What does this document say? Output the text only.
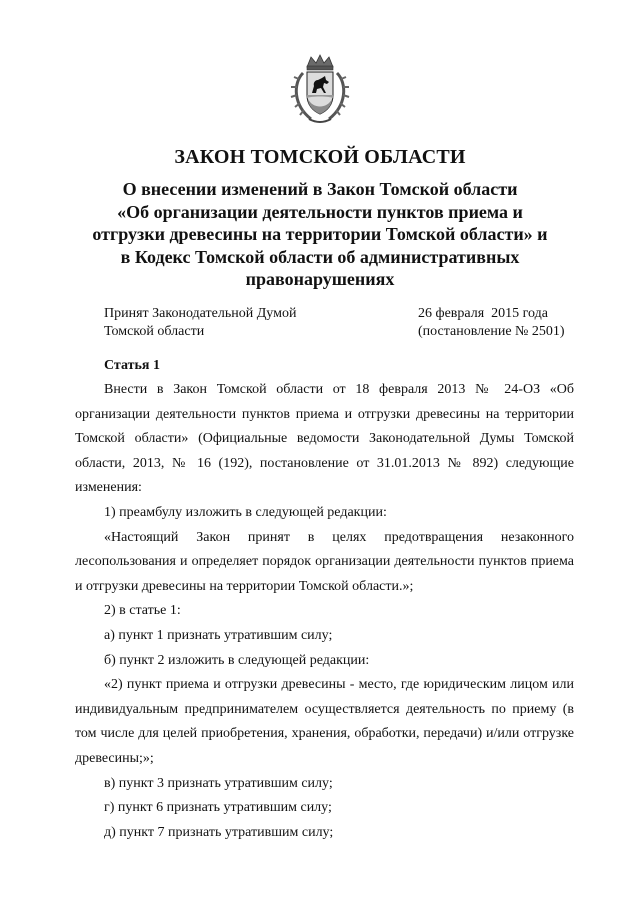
ЗАКОН ТОМСКОЙ ОБЛАСТИ
О внесении изменений в Закон Томской области
«Об организации деятельности пунктов приема и
отгрузки древесины на территории Томской области» и
в Кодекс Томской области об административных
правонарушениях
Принят Законодательной Думой
Томской области
26 февраля  2015 года
(постановление № 2501)
Статья 1

Внести в Закон Томской области от 18 февраля 2013 № 24-ОЗ «Об организации деятельности пунктов приема и отгрузки древесины на территории Томской области» (Официальные ведомости Законодательной Думы Томской области, 2013, № 16 (192), постановление от 31.01.2013 № 892) следующие изменения:

1) преамбулу изложить в следующей редакции:

«Настоящий Закон принят в целях предотвращения незаконного лесопользования и определяет порядок организации деятельности пунктов приема и отгрузки древесины на территории Томской области.»;

2) в статье 1:

а) пункт 1 признать утратившим силу;

б) пункт 2 изложить в следующей редакции:

«2) пункт приема и отгрузки древесины - место, где юридическим лицом или индивидуальным предпринимателем осуществляется деятельность по приему (в том числе для целей приобретения, хранения, обработки, передачи) и/или отгрузке древесины;»;

в) пункт 3 признать утратившим силу;

г) пункт 6 признать утратившим силу;

д) пункт 7 признать утратившим силу;
